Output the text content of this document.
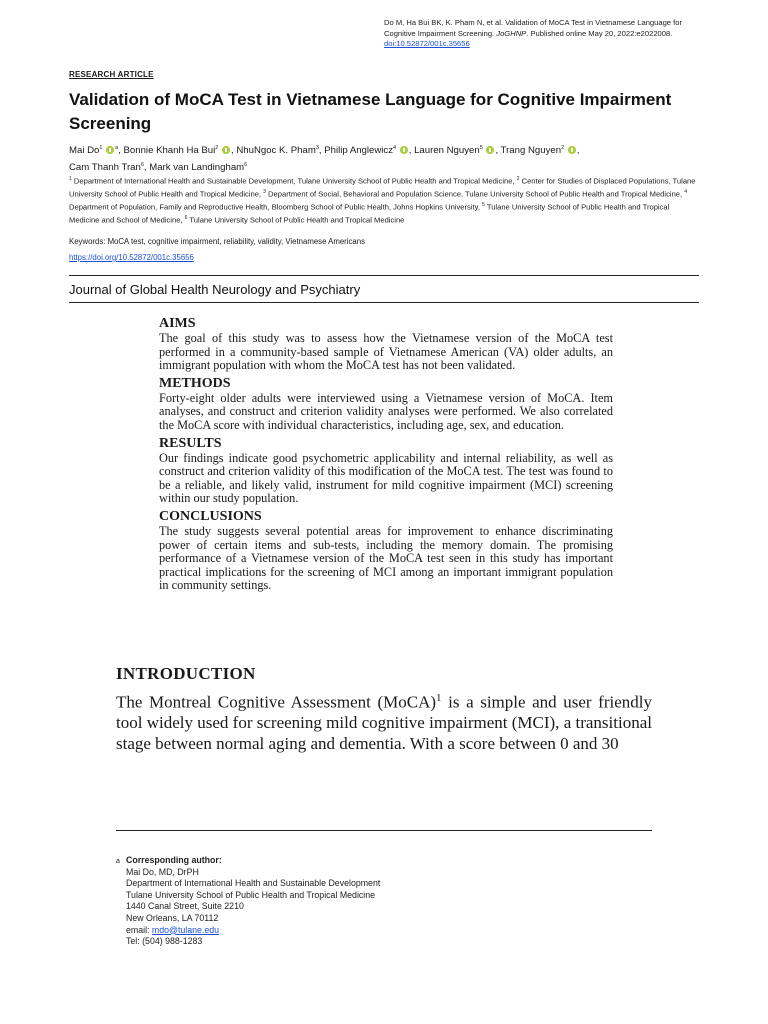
Do M, Ha Bui BK, K. Pham N, et al. Validation of MoCA Test in Vietnamese Language for Cognitive Impairment Screening. JoGHNP. Published online May 20, 2022:e2022008.
doi:10.52872/001c.35656
RESEARCH ARTICLE
Validation of MoCA Test in Vietnamese Language for Cognitive Impairment Screening
Mai Do$^1$ $^a$, Bonnie Khanh Ha Bui$^2$ , NhuNgoc K. Pham$^3$, Philip Anglewicz$^4$ , Lauren Nguyen$^5$ , Trang Nguyen$^2$ ,
Cam Thanh Tran$^6$, Mark van Landingham$^6$
$^1$ Department of International Health and Sustainable Development, Tulane University School of Public Health and Tropical Medicine, $^2$ Center for Studies of Displaced Populations, Tulane University School of Public Health and Tropical Medicine, $^3$ Department of Social, Behavioral and Population Science, Tulane University School of Public Health and Tropical Medicine, $^4$ Department of Population, Family and Reproductive Health, Bloomberg School of Public Health, Johns Hopkins University, $^5$ Tulane University School of Public Health and Tropical Medicine and School of Medicine, $^6$ Tulane University School of Public Health and Tropical Medicine
Keywords: MoCA test, cognitive impairment, reliability, validity, Vietnamese Americans
https://doi.org/10.52872/001c.35656
Journal of Global Health Neurology and Psychiatry
AIMS

The goal of this study was to assess how the Vietnamese version of the MoCA test performed in a community-based sample of Vietnamese American (VA) older adults, an immigrant population with whom the MoCA test has not been validated.

METHODS

Forty-eight older adults were interviewed using a Vietnamese version of MoCA. Item analyses, and construct and criterion validity analyses were performed. We also correlated the MoCA score with individual characteristics, including age, sex, and education.

RESULTS

Our findings indicate good psychometric applicability and internal reliability, as well as construct and criterion validity of this modification of the MoCA test. The test was found to be a reliable, and likely valid, instrument for mild cognitive impairment (MCI) screening within our study population.

CONCLUSIONS

The study suggests several potential areas for improvement to enhance discriminating power of certain items and sub-tests, including the memory domain. The promising performance of a Vietnamese version of the MoCA test seen in this study has important practical implications for the screening of MCI among an important immigrant population in community settings.

INTRODUCTION
The Montreal Cognitive Assessment (MoCA)$^1$ is a simple and user friendly tool widely used for screening mild cognitive impairment (MCI), a transitional stage between normal aging and dementia. With a score between 0 and 30
a Corresponding author:
Mai Do, MD, DrPH
Department of International Health and Sustainable Development
Tulane University School of Public Health and Tropical Medicine
1440 Canal Street, Suite 2210
New Orleans, LA 70112
email: mdo@tulane.edu
Tel: (504) 988-1283
